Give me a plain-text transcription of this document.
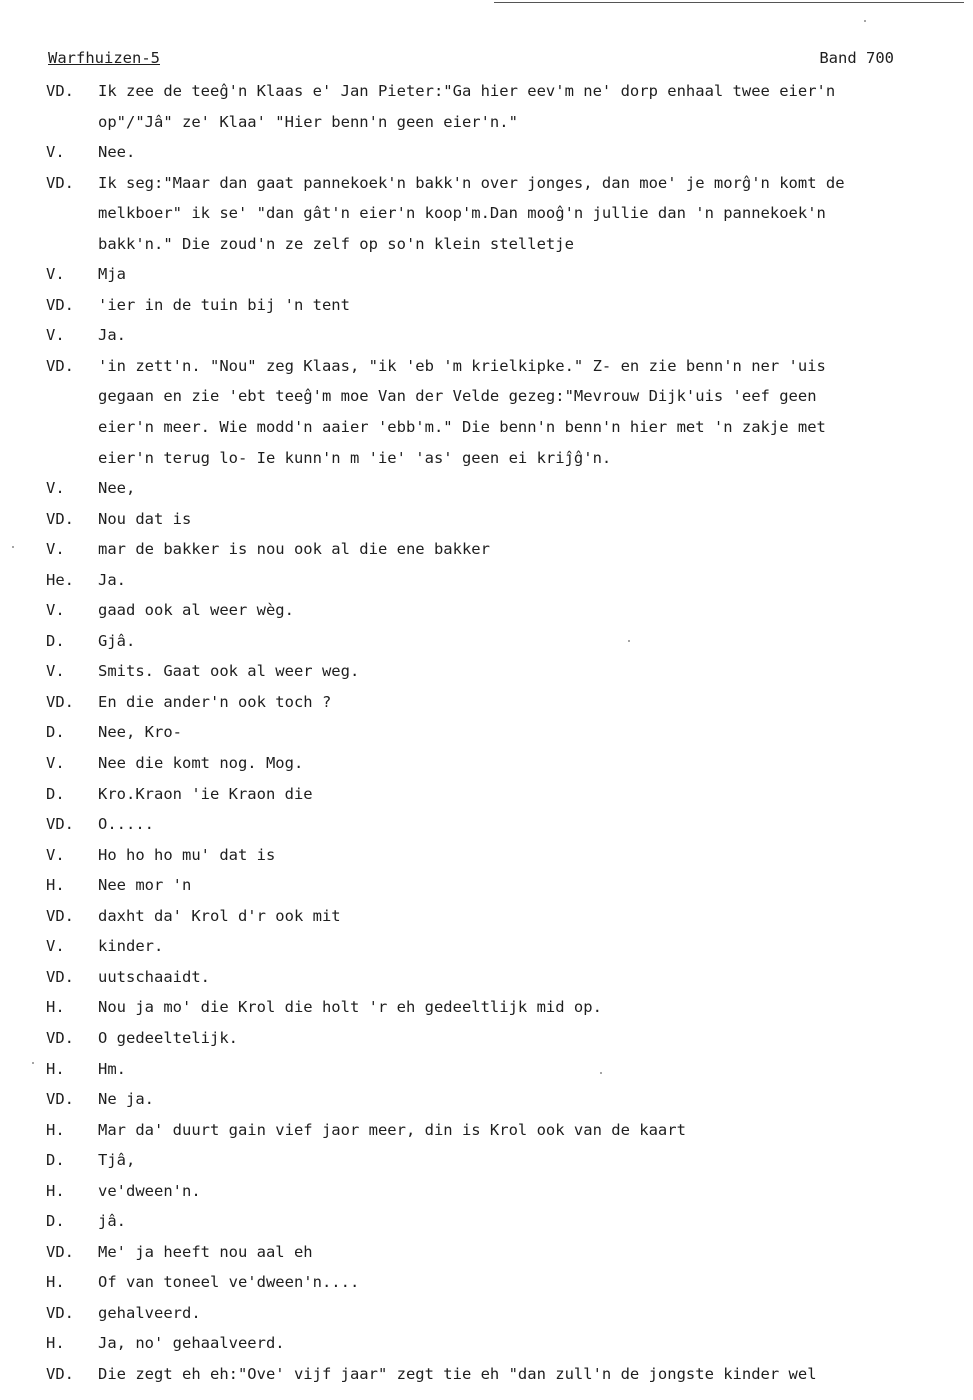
Warfhuizen-5	Band 700
VD. Ik zee de teeĝ'n Klaas e' Jan Pieter:"Ga hier eev'm ne' dorp enhaal twee eier'n
op"/"Jâ" ze' Klaa' "Hier benn'n geen eier'n."
V. Nee.
VD. Ik seg:"Maar dan gaat pannekoek'n bakk'n over jonges, dan moe' je morĝ'n komt de
melkboer" ik se' "dan gât'n eier'n koop'm.Dan mooĝ'n jullie dan 'n pannekoek'n
bakk'n." Die zoud'n ze zelf op so'n klein stelletje
V. Mja
VD. 'ier in de tuin bij 'n tent
V. Ja.
VD. 'in zett'n. "Nou" zeg Klaas, "ik 'eb 'm krielkipke." Z- en zie benn'n ner 'uis
gegaan en zie 'ebt teeĝ'm moe Van der Velde gezeg:"Mevrouw Dijk'uis 'eef geen
eier'n meer. Wie modd'n aaier 'ebb'm." Die benn'n benn'n hier met 'n zakje met
eier'n terug lo- Ie kunn'n m 'ie' 'as' geen ei kriĵĝ'n.
V. Nee,
VD. Nou dat is
V. mar de bakker is nou ook al die ene bakker
He. Ja.
V. gaad ook al weer wèg.
D. Gjâ.
V. Smits. Gaat ook al weer weg.
VD. En die ander'n ook toch ?
D. Nee, Kro-
V. Nee die komt nog. Mog.
D. Kro.Kraon 'ie Kraon die
VD. O.....
V. Ho ho ho mu' dat is
H. Nee mor 'n
VD. daxht da' Krol d'r ook mit
V. kinder.
VD. uutschaaidt.
H. Nou ja mo' die Krol die holt 'r eh gedeeltlijk mid op.
VD. O gedeeltelijk.
H. Hm.
VD. Ne ja.
H. Mar da' duurt gain vief jaor meer, din is Krol ook van de kaart
D. Tjâ,
H. ve'dween'n.
D. jâ.
VD. Me' ja heeft nou aal eh
H. Of van toneel ve'dween'n....
VD. gehalveerd.
H. Ja, no' gehaalveerd.
VD. Die zegt eh eh:"Ove' vijf jaar" zegt tie eh "dan zull'n de jongste kinder wel
